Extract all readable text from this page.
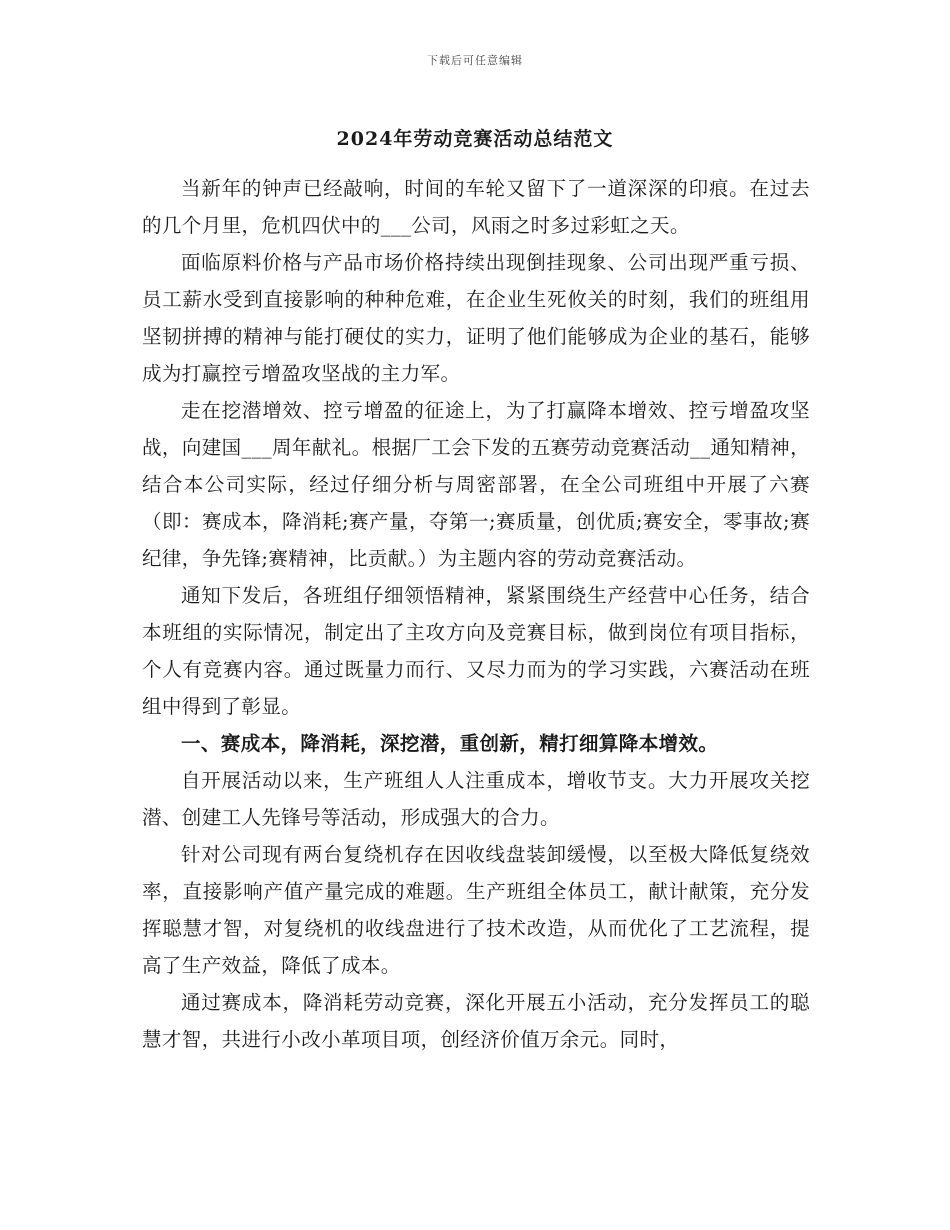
下载后可任意编辑
2024年劳动竞赛活动总结范文

当新年的钟声已经敲响，时间的车轮又留下了一道深深的印痕。在过去的几个月里，危机四伏中的___公司，风雨之时多过彩虹之天。

面临原料价格与产品市场价格持续出现倒挂现象、公司出现严重亏损、员工薪水受到直接影响的种种危难，在企业生死攸关的时刻，我们的班组用坚韧拼搏的精神与能打硬仗的实力，证明了他们能够成为企业的基石，能够成为打赢控亏增盈攻坚战的主力军。

走在挖潜增效、控亏增盈的征途上，为了打赢降本增效、控亏增盈攻坚战，向建国___周年献礼。根据厂工会下发的五赛劳动竞赛活动__通知精神，结合本公司实际，经过仔细分析与周密部署，在全公司班组中开展了六赛（即：赛成本，降消耗;赛产量，夺第一;赛质量，创优质;赛安全，零事故;赛纪律，争先锋;赛精神，比贡献。）为主题内容的劳动竞赛活动。

通知下发后，各班组仔细领悟精神，紧紧围绕生产经营中心任务，结合本班组的实际情况，制定出了主攻方向及竞赛目标，做到岗位有项目指标，个人有竞赛内容。通过既量力而行、又尽力而为的学习实践，六赛活动在班组中得到了彰显。

一、赛成本，降消耗，深挖潜，重创新，精打细算降本增效。

自开展活动以来，生产班组人人注重成本，增收节支。大力开展攻关挖潜、创建工人先锋号等活动，形成强大的合力。

针对公司现有两台复绕机存在因收线盘装卸缓慢，以至极大降低复绕效率，直接影响产值产量完成的难题。生产班组全体员工，献计献策，充分发挥聪慧才智，对复绕机的收线盘进行了技术改造，从而优化了工艺流程，提高了生产效益，降低了成本。

通过赛成本，降消耗劳动竞赛，深化开展五小活动，充分发挥员工的聪慧才智，共进行小改小革项目项，创经济价值万余元。同时，
